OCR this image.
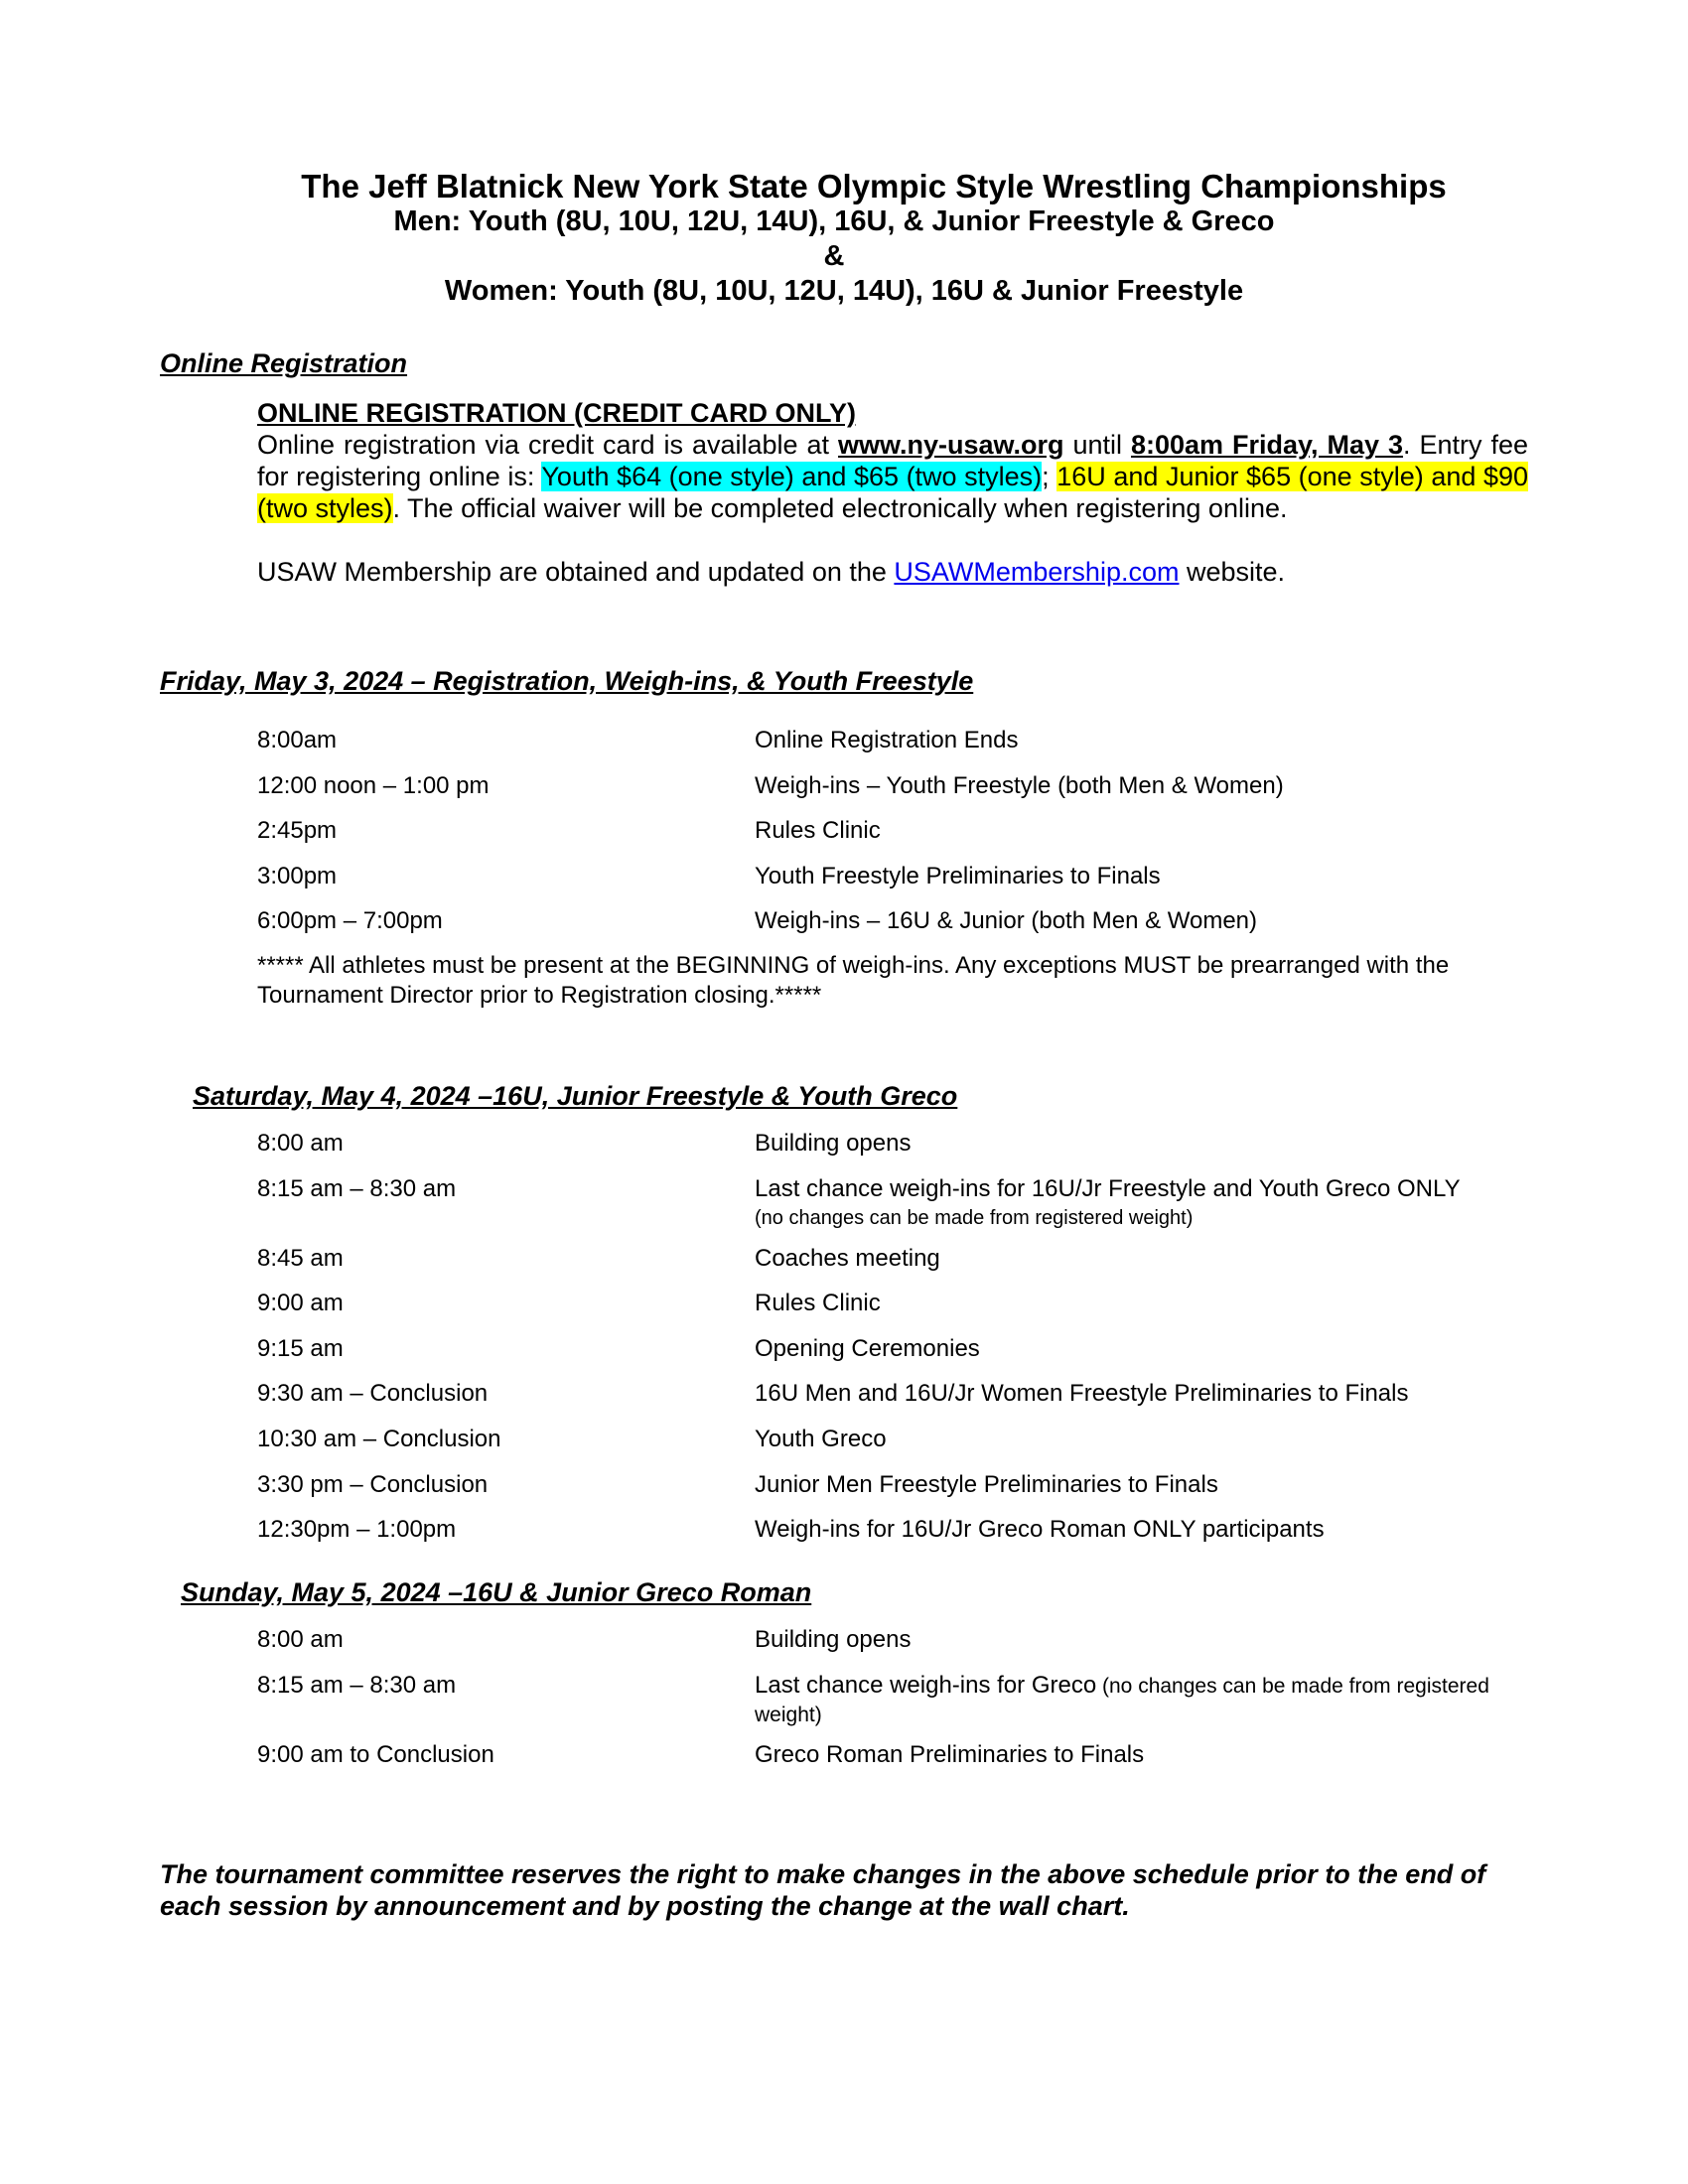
The Jeff Blatnick New York State Olympic Style Wrestling Championships
Men: Youth (8U, 10U, 12U, 14U), 16U, & Junior Freestyle & Greco
&
Women: Youth (8U, 10U, 12U, 14U), 16U & Junior Freestyle
Online Registration
ONLINE REGISTRATION (CREDIT CARD ONLY)
Online registration via credit card is available at www.ny-usaw.org until 8:00am Friday, May 3. Entry fee for registering online is: Youth $64 (one style) and $65 (two styles); 16U and Junior $65 (one style) and $90 (two styles). The official waiver will be completed electronically when registering online.
USAW Membership are obtained and updated on the USAWMembership.com website.
Friday, May 3, 2024 – Registration, Weigh-ins, & Youth Freestyle
8:00am	Online Registration Ends
12:00 noon – 1:00 pm	Weigh-ins – Youth Freestyle (both Men & Women)
2:45pm	Rules Clinic
3:00pm	Youth Freestyle Preliminaries to Finals
6:00pm – 7:00pm	Weigh-ins – 16U & Junior (both Men & Women)
***** All athletes must be present at the BEGINNING of weigh-ins. Any exceptions MUST be prearranged with the Tournament Director prior to Registration closing.*****
Saturday, May 4, 2024 –16U, Junior Freestyle & Youth Greco
8:00 am	Building opens
8:15 am – 8:30 am	Last chance weigh-ins for 16U/Jr Freestyle and Youth Greco ONLY
(no changes can be made from registered weight)
8:45 am	Coaches meeting
9:00 am	Rules Clinic
9:15 am	Opening Ceremonies
9:30 am – Conclusion	16U Men and 16U/Jr Women Freestyle Preliminaries to Finals
10:30 am – Conclusion	Youth Greco
3:30 pm – Conclusion	Junior Men Freestyle Preliminaries to Finals
12:30pm – 1:00pm	Weigh-ins for 16U/Jr Greco Roman ONLY participants
Sunday, May 5, 2024 –16U & Junior Greco Roman
8:00 am	Building opens
8:15 am – 8:30 am	Last chance weigh-ins for Greco (no changes can be made from registered weight)
9:00 am to Conclusion	Greco Roman Preliminaries to Finals
The tournament committee reserves the right to make changes in the above schedule prior to the end of each session by announcement and by posting the change at the wall chart.
